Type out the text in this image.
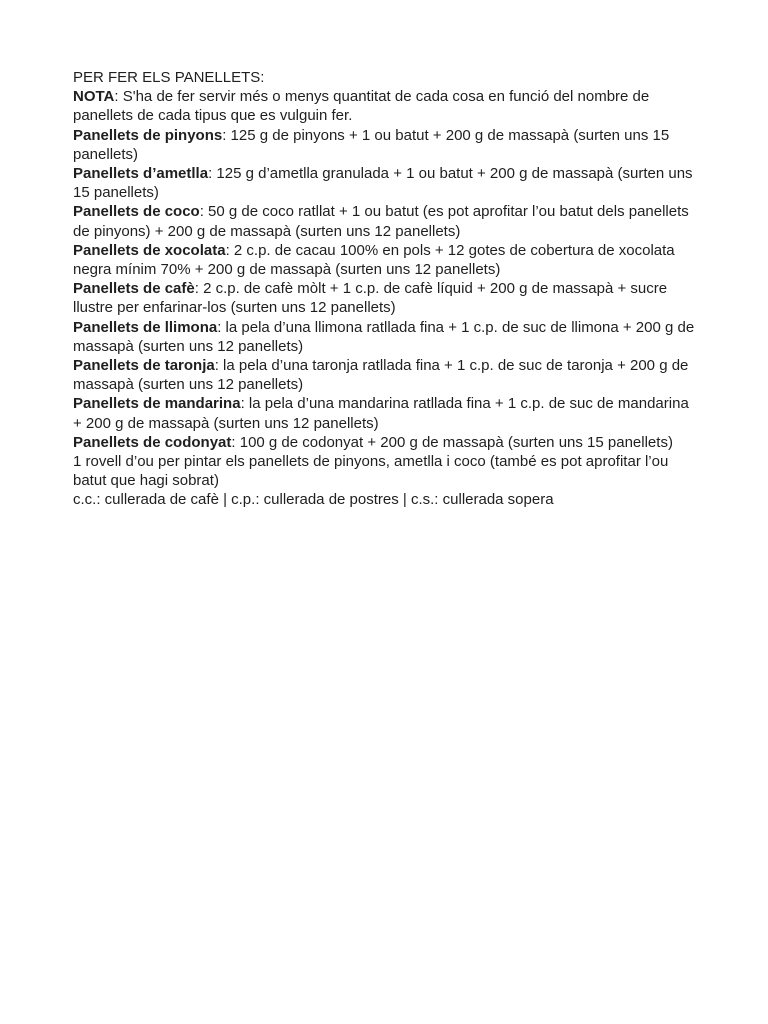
PER FER ELS PANELLETS:

NOTA: S'ha de fer servir més o menys quantitat de cada cosa en funció del nombre de panellets de cada tipus que es vulguin fer.

Panellets de pinyons: 125 g de pinyons + 1 ou batut + 200 g de massapà (surten uns 15 panellets)

Panellets d’ametlla: 125 g d’ametlla granulada + 1 ou batut + 200 g de massapà (surten uns 15 panellets)

Panellets de coco: 50 g de coco ratllat + 1 ou batut (es pot aprofitar l’ou batut dels panellets de pinyons) + 200 g de massapà (surten uns 12 panellets)

Panellets de xocolata: 2 c.p. de cacau 100% en pols + 12 gotes de cobertura de xocolata negra mínim 70% + 200 g de massapà (surten uns 12 panellets)

Panellets de cafè: 2 c.p. de cafè mòlt + 1 c.p. de cafè líquid + 200 g de massapà + sucre llustre per enfarinar-los (surten uns 12 panellets)

Panellets de llimona: la pela d’una llimona ratllada fina + 1 c.p. de suc de llimona + 200 g de massapà (surten uns 12 panellets)

Panellets de taronja: la pela d’una taronja ratllada fina + 1 c.p. de suc de taronja + 200 g de massapà (surten uns 12 panellets)

Panellets de mandarina: la pela d’una mandarina ratllada fina + 1 c.p. de suc de mandarina + 200 g de massapà (surten uns 12 panellets)

Panellets de codonyat: 100 g de codonyat + 200 g de massapà (surten uns 15 panellets)

1 rovell d’ou per pintar els panellets de pinyons, ametlla i coco (també es pot aprofitar l’ou batut que hagi sobrat)

c.c.: cullerada de cafè | c.p.: cullerada de postres | c.s.: cullerada sopera
